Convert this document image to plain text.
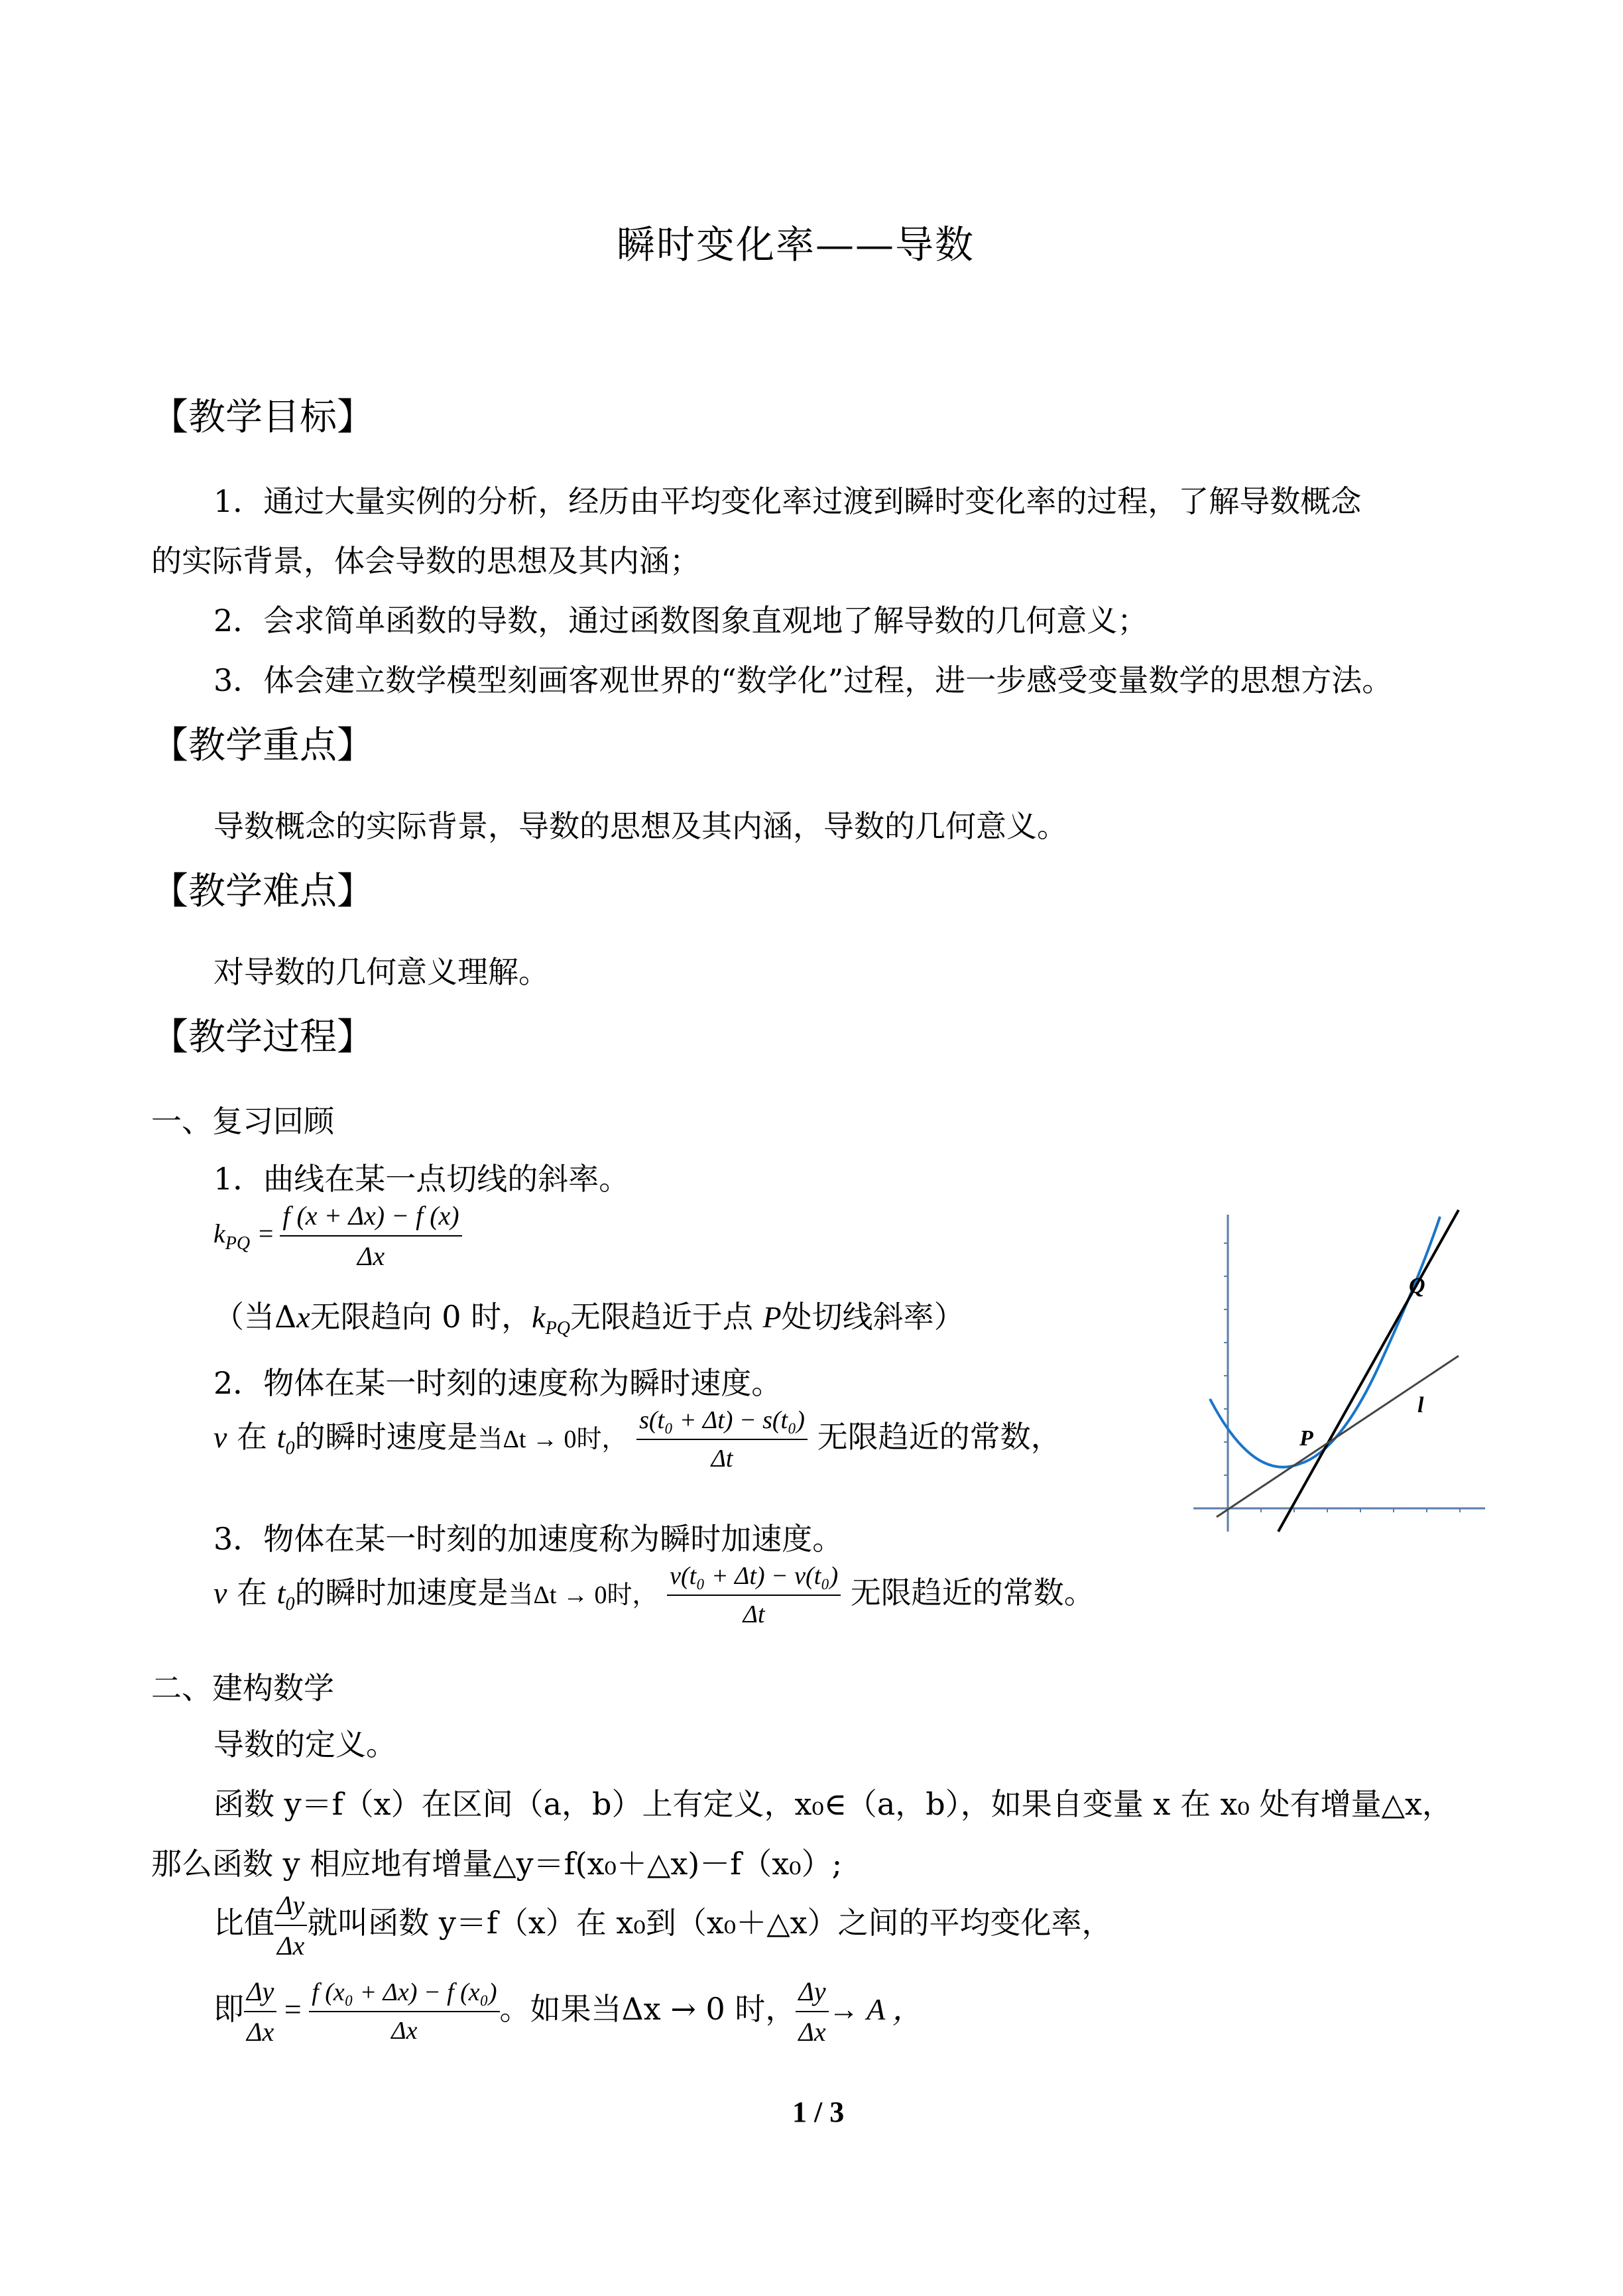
瞬时变化率——导数
【教学目标】
1．通过大量实例的分析，经历由平均变化率过渡到瞬时变化率的过程，了解导数概念
的实际背景，体会导数的思想及其内涵；
2．会求简单函数的导数，通过函数图象直观地了解导数的几何意义；
3．体会建立数学模型刻画客观世界的“数学化”过程，进一步感受变量数学的思想方法。
【教学重点】
导数概念的实际背景，导数的思想及其内涵，导数的几何意义。
【教学难点】
对导数的几何意义理解。
【教学过程】
一、复习回顾
1．曲线在某一点切线的斜率。
$k_{PQ} = \frac{f (x + \Delta x) - f (x)}{\Delta x}$
（当Δx无限趋向 0 时，$k_{PQ}$无限趋近于点 P处切线斜率）
2．物体在某一时刻的速度称为瞬时速度。
v 在 $t_0$的瞬时速度是当Δt → 0时， $\frac{\text{s(t₀ + Δt) − s(t₀)}}{\Delta t}$ 无限趋近的常数，
3．物体在某一时刻的加速度称为瞬时加速度。
v 在 $t_0$的瞬时加速度是当Δt → 0时， $\frac{\text{v(t₀ + Δt) − v(t₀)}}{\Delta t}$ 无限趋近的常数。
二、建构数学
导数的定义。
函数 y＝f（x）在区间（a，b）上有定义，x₀∈（a，b），如果自变量 x 在 x₀ 处有增量△x，
那么函数 y 相应地有增量△y＝f(x₀＋△x)－f（x₀）;
比值 $\frac{\Delta y}{\Delta x}$ 就叫函数 y＝f（x）在 x₀到（x₀＋△x）之间的平均变化率，
即 $\frac{\Delta y}{\Delta x} = \frac{\text{f (x₀ + Δx) − f (x₀)}}{\Delta x}$ 。如果当Δx → 0 时， $\frac{\Delta y}{\Delta x} \to A$ ，
Q
P
l
1 / 3
